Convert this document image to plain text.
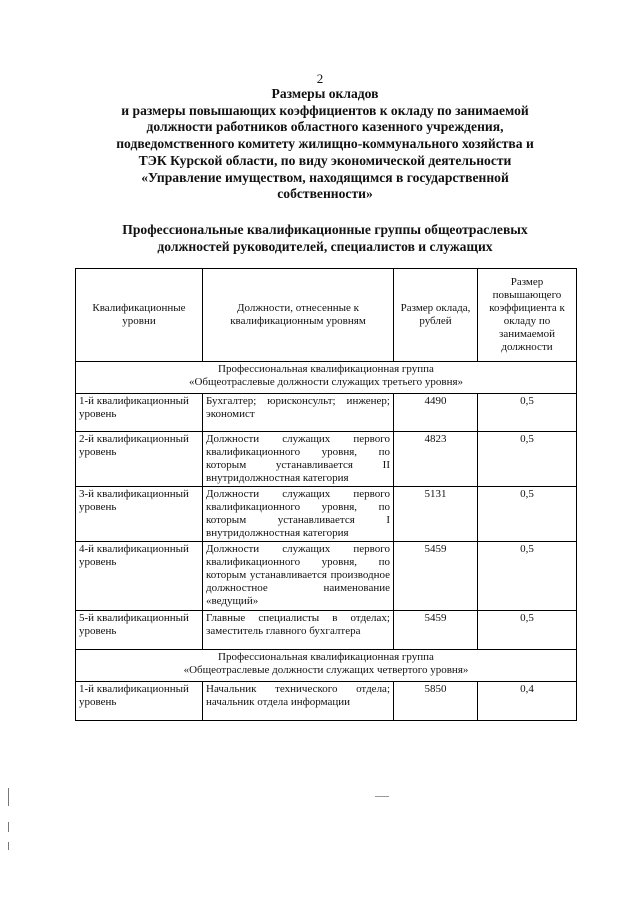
2
Размеры окладов
и размеры повышающих коэффициентов к окладу по занимаемой
должности работников областного казенного учреждения,
подведомственного комитету жилищно-коммунального хозяйства и
ТЭК Курской области, по виду экономической деятельности
«Управление имуществом, находящимся в государственной
собственности»
Профессиональные квалификационные группы общеотраслевых
должностей руководителей, специалистов и служащих
Квалификационные уровни	Должности, отнесенные к квалификационным уровням	Размер оклада, рублей	Размер повышающего коэффициента к окладу по занимаемой должности

Профессиональная квалификационная группа
«Общеотраслевые должности служащих третьего уровня»			

1-й квалификационный уровень	Бухгалтер; юрисконсульт; инженер; экономист	4490	0,5
2-й квалификационный уровень	Должности служащих первого квалификационного уровня, по которым устанавливается II внутридолжностная категория	4823	0,5
3-й квалификационный уровень	Должности служащих первого квалификационного уровня, по которым устанавливается I внутридолжностная категория	5131	0,5
4-й квалификационный уровень	Должности служащих первого квалификационного уровня, по которым устанавливается производное должностное наименование «ведущий»	5459	0,5
5-й квалификационный уровень	Главные специалисты в отделах; заместитель главного бухгалтера	5459	0,5

Профессиональная квалификационная группа
«Общеотраслевые должности служащих четвертого уровня»			

1-й квалификационный уровень	Начальник технического отдела; начальник отдела информации	5850	0,4
